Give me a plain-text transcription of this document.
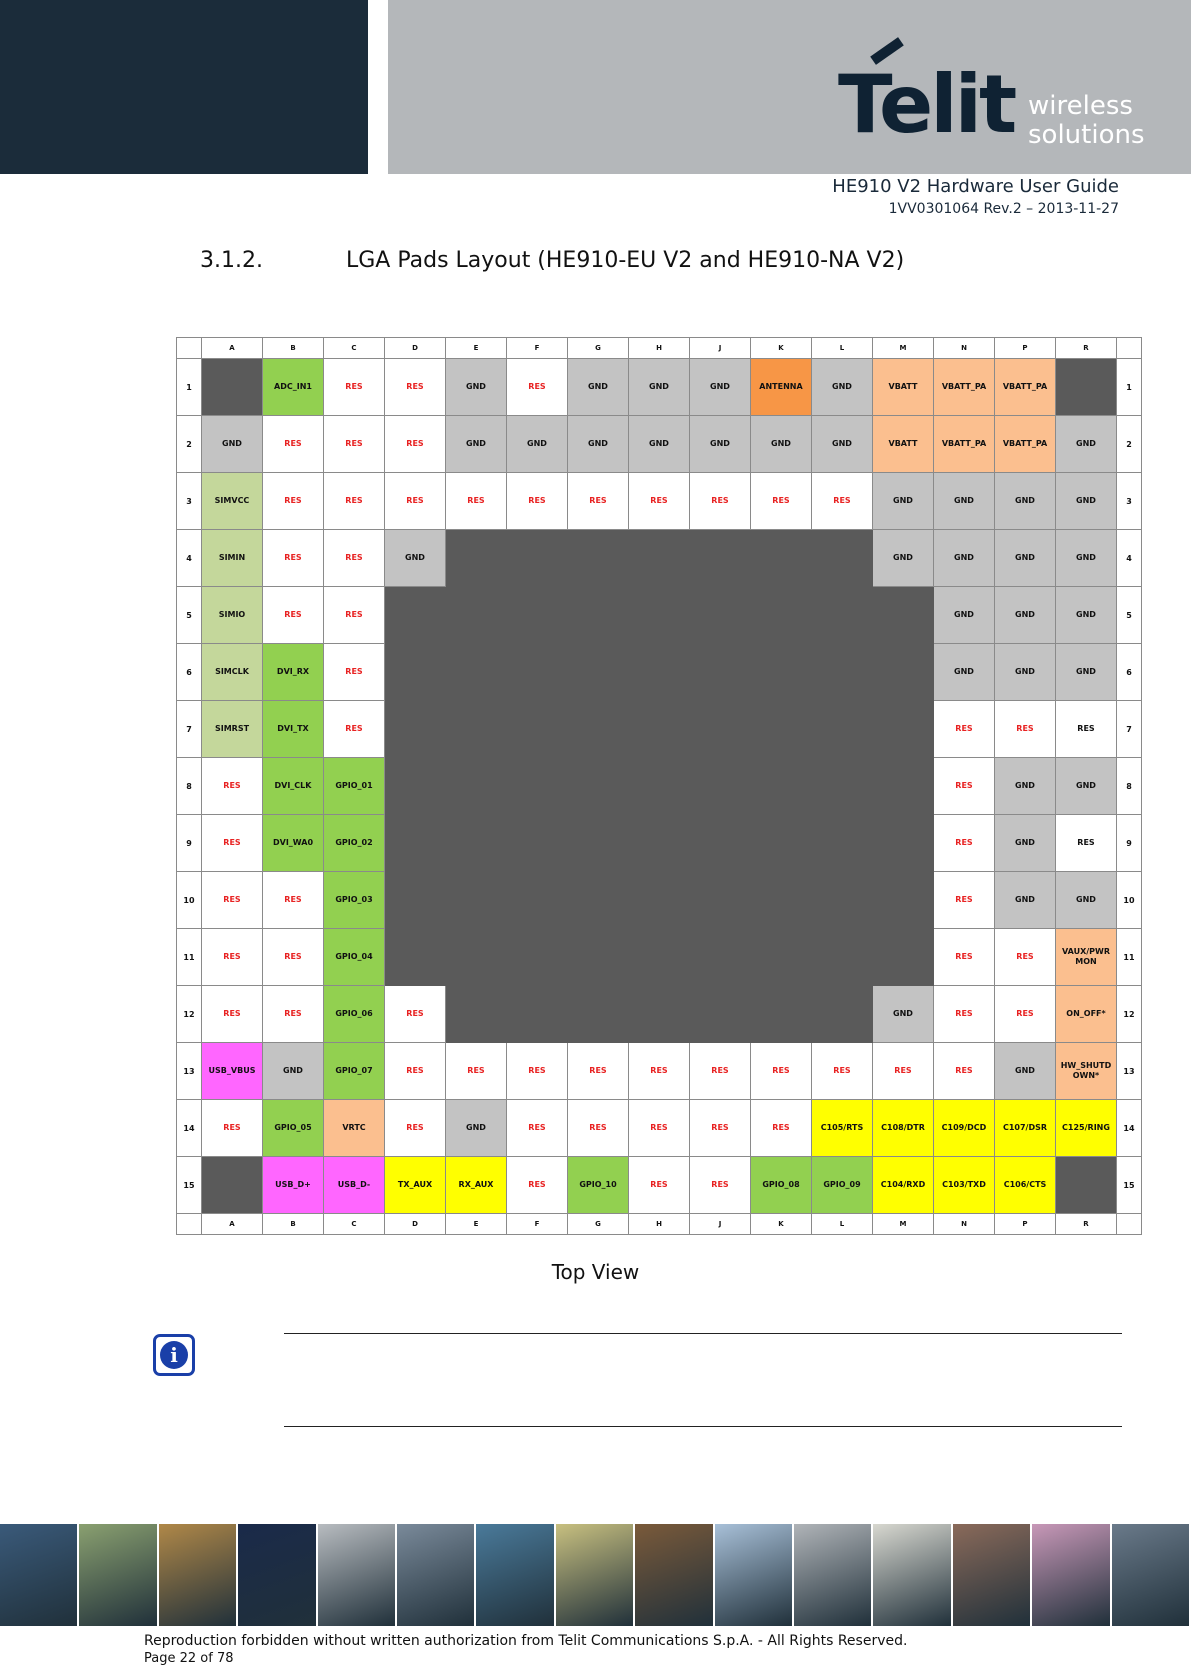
Telit wireless
solutions
HE910 V2 Hardware User Guide
1VV0301064 Rev.2 – 2013-11-27
3.1.2.	LGA Pads Layout (HE910-EU V2 and HE910-NA V2)
	A	B	C	D	E	F	G	H	J	K	L	M	N	P	R	
1		ADC_IN1	RES	RES	GND	RES	GND	GND	GND	ANTENNA	GND	VBATT	VBATT_PA	VBATT_PA		1
2	GND	RES	RES	RES	GND	GND	GND	GND	GND	GND	GND	VBATT	VBATT_PA	VBATT_PA	GND	2
3	SIMVCC	RES	RES	RES	RES	RES	RES	RES	RES	RES	RES	GND	GND	GND	GND	3
4	SIMIN	RES	RES	GND								GND	GND	GND	GND	4
5	SIMIO	RES	RES										GND	GND	GND	5
6	SIMCLK	DVI_RX	RES										GND	GND	GND	6
7	SIMRST	DVI_TX	RES										RES	RES	RES	7
8	RES	DVI_CLK	GPIO_01										RES	GND	GND	8
9	RES	DVI_WA0	GPIO_02										RES	GND	RES	9
10	RES	RES	GPIO_03										RES	GND	GND	10
11	RES	RES	GPIO_04										RES	RES	VAUX/PWR MON	11
12	RES	RES	GPIO_06	RES								GND	RES	RES	ON_OFF*	12
13	USB_VBUS	GND	GPIO_07	RES	RES	RES	RES	RES	RES	RES	RES	RES	RES	GND	HW_SHUTD OWN*	13
14	RES	GPIO_05	VRTC	RES	GND	RES	RES	RES	RES	RES	C105/RTS	C108/DTR	C109/DCD	C107/DSR	C125/RING	14
15		USB_D+	USB_D-	TX_AUX	RX_AUX	RES	GPIO_10	RES	RES	GPIO_08	GPIO_09	C104/RXD	C103/TXD	C106/CTS		15
	A	B	C	D	E	F	G	H	J	K	L	M	N	P	R	
Top View
i
Reproduction forbidden without written authorization from Telit Communications S.p.A. - All Rights Reserved.
Page 22 of 78
